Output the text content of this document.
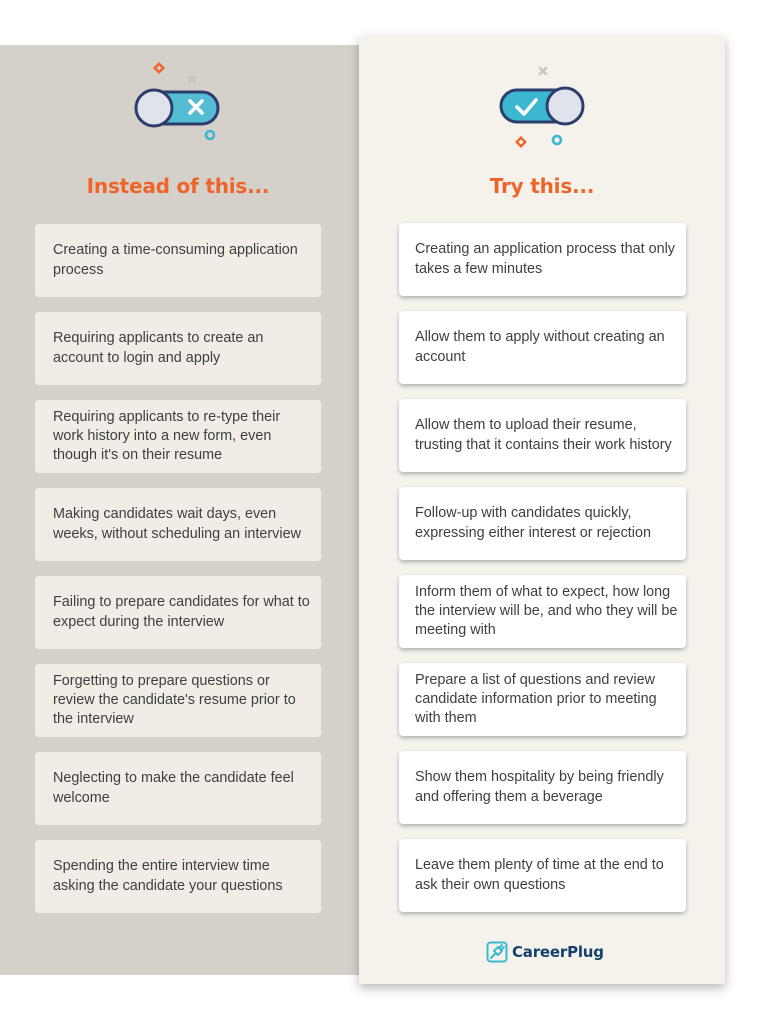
Instead of this...	Try this...
Creating a time-consuming application process
Requiring applicants to create an account to login and apply
Requiring applicants to re-type their work history into a new form, even though it's on their resume
Making candidates wait days, even weeks, without scheduling an interview
Failing to prepare candidates for what to expect during the interview
Forgetting to prepare questions or review the candidate's resume prior to the interview
Neglecting to make the candidate feel welcome
Spending the entire interview time asking the candidate your questions
Creating an application process that only takes a few minutes
Allow them to apply without creating an account
Allow them to upload their resume, trusting that it contains their work history
Follow-up with candidates quickly, expressing either interest or rejection
Inform them of what to expect, how long the interview will be, and who they will be meeting with
Prepare a list of questions and review candidate information prior to meeting with them
Show them hospitality by being friendly and offering them a beverage
Leave them plenty of time at the end to ask their own questions
CareerPlug
